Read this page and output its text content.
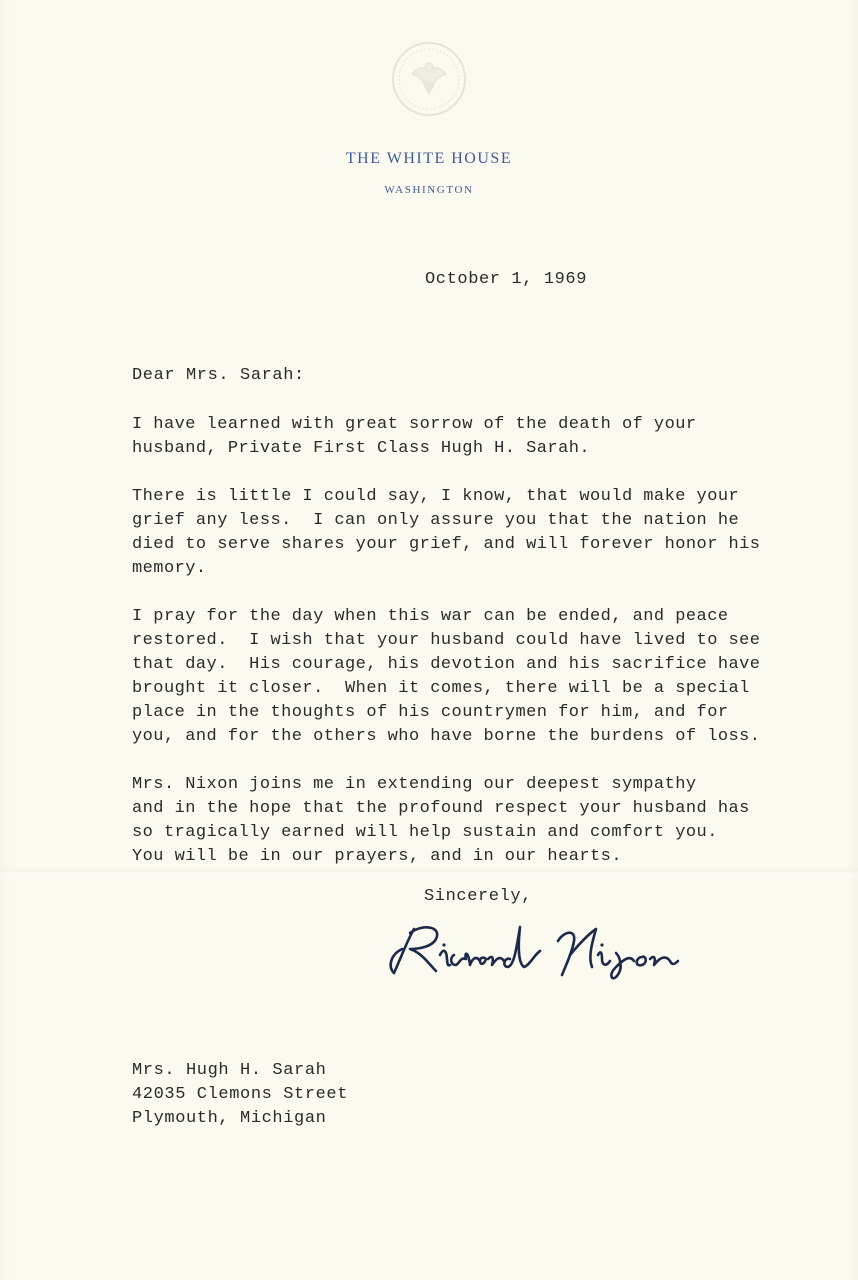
THE WHITE HOUSE
WASHINGTON
October 1, 1969
Dear Mrs. Sarah:

I have learned with great sorrow of the death of your
husband, Private First Class Hugh H. Sarah.

There is little I could say, I know, that would make your
grief any less.  I can only assure you that the nation he
died to serve shares your grief, and will forever honor his
memory.

I pray for the day when this war can be ended, and peace
restored.  I wish that your husband could have lived to see
that day.  His courage, his devotion and his sacrifice have
brought it closer.  When it comes, there will be a special
place in the thoughts of his countrymen for him, and for
you, and for the others who have borne the burdens of loss.

Mrs. Nixon joins me in extending our deepest sympathy
and in the hope that the profound respect your husband has
so tragically earned will help sustain and comfort you.
You will be in our prayers, and in our hearts.

Sincerely,
Mrs. Hugh H. Sarah
42035 Clemons Street
Plymouth, Michigan
